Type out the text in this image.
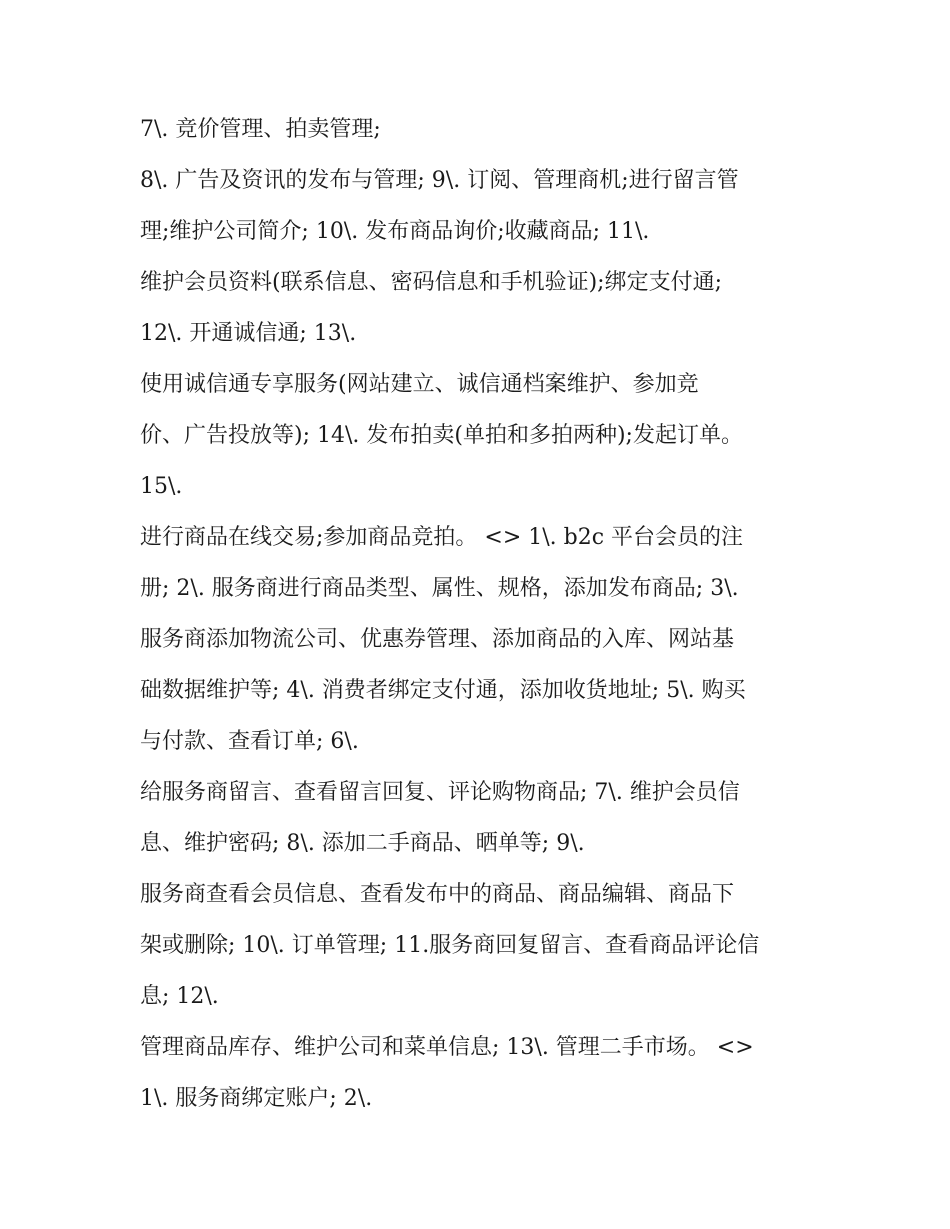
7\. 竞价管理、拍卖管理;
8\. 广告及资讯的发布与管理; 9\. 订阅、管理商机;进行留言管
理;维护公司简介; 10\. 发布商品询价;收藏商品; 11\.
维护会员资料(联系信息、密码信息和手机验证);绑定支付通;
12\. 开通诚信通; 13\.
使用诚信通专享服务(网站建立、诚信通档案维护、参加竞
价、广告投放等); 14\. 发布拍卖(单拍和多拍两种);发起订单。
15\.
进行商品在线交易;参加商品竞拍。 <> 1\. b2c 平台会员的注
册; 2\. 服务商进行商品类型、属性、规格，添加发布商品; 3\.
服务商添加物流公司、优惠券管理、添加商品的入库、网站基
础数据维护等; 4\. 消费者绑定支付通，添加收货地址; 5\. 购买
与付款、查看订单; 6\.
给服务商留言、查看留言回复、评论购物商品; 7\. 维护会员信
息、维护密码; 8\. 添加二手商品、晒单等; 9\.
服务商查看会员信息、查看发布中的商品、商品编辑、商品下
架或删除; 10\. 订单管理; 11.服务商回复留言、查看商品评论信
息; 12\.
管理商品库存、维护公司和菜单信息; 13\. 管理二手市场。 <>
1\. 服务商绑定账户; 2\.
